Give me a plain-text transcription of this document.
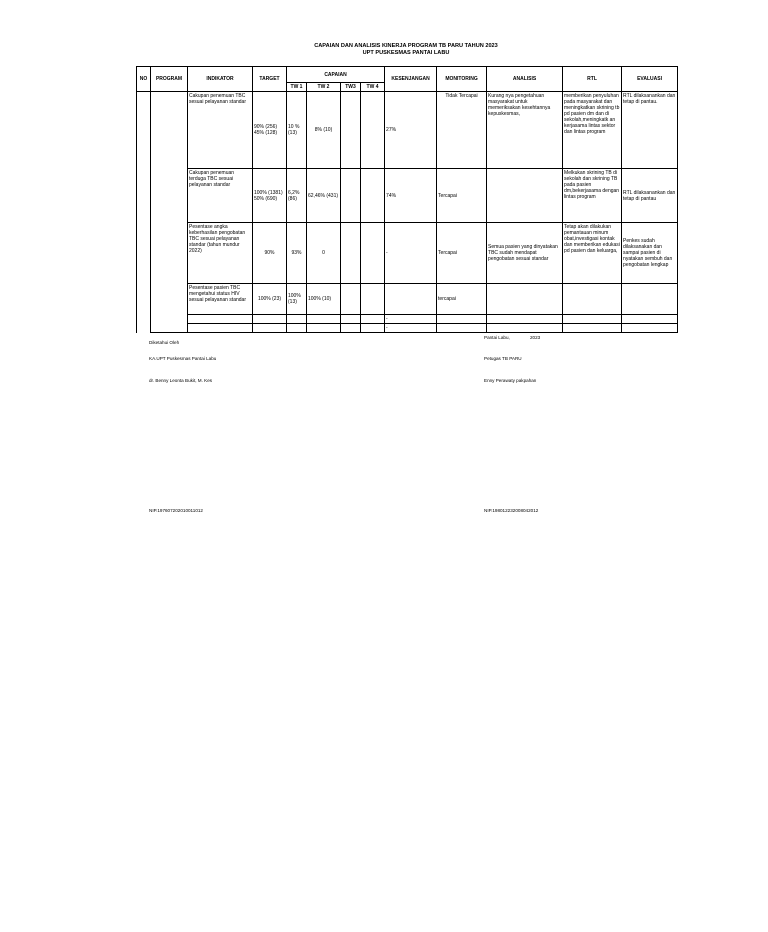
CAPAIAN DAN ANALISIS KINERJA PROGRAM TB PARU TAHUN 2023
UPT PUSKESMAS PANTAI LABU
NO	PROGRAM	INDIKATOR	TARGET	CAPAIAN				KESENJANGAN	MONITORING	ANALISIS	RTL	EVALUASI
				TW 1	TW 2	TW3	TW 4					
		Cakupan penemuan TBC sesuai pelayanan standar	90% (256) 45% (128)	10 % (13)	8% (10)			27%	Tidak Tercapai	Kurang nya pengetahuan masyarakat untuk memeriksakan kesehtannya kepuskesmas,	memberikan penyuluhan pada masyarakat dan meningkatkan skrining tb pd pasien dm dan di sekolah,meningkatk an kerjasama lintas sektor dan lintas program	RTL dilaksanankan dan tetap di pantau.
		Cakupan penemuan terduga TBC sesuai pelayanan standar	100% (1381) 50% (690)	6,2% (86)	62,46% (431)			74%	Tercapai		Melkukan skrining TB di sekolah dan skrining TB pada pasien dm,bekerjasama dengan lintas program	RTL dilaksanankan dan tetap di pantau
		Pesentase angka keberhasilan pengobatan TBC sesuai pelayanan standar (tahun mundur 2022)	90%	93%	0			-	Tercapai	Semua pasien yang dinyatakan TBC sudah mendapat pengobatan sesuai standar	Tetap akan dilakukan pemantauan minum obat,investigasi kontak dan memberikan edukasi pd pasien dan keluarga,	Penkes sudah dilaksanakan dan sampai pasien di nyatakan sembuh dan pengobatan lengkap
		Pesentase pasien TBC mengetahui status HIV sesuai pelayanan standar	100% (23)	100% (13)	100% (10)				tercapai			
								-				
								-				
Diketahui Oleh
KA.UPT Puskesmas Pantai Labu
dr. Benny Leonta Bukit, M. Kes
NIP.197607202010011012
Pantai Labu,	2023
Petugas TB PARU
Enny Perawaty pakpahan
NIP.198012232008042012
